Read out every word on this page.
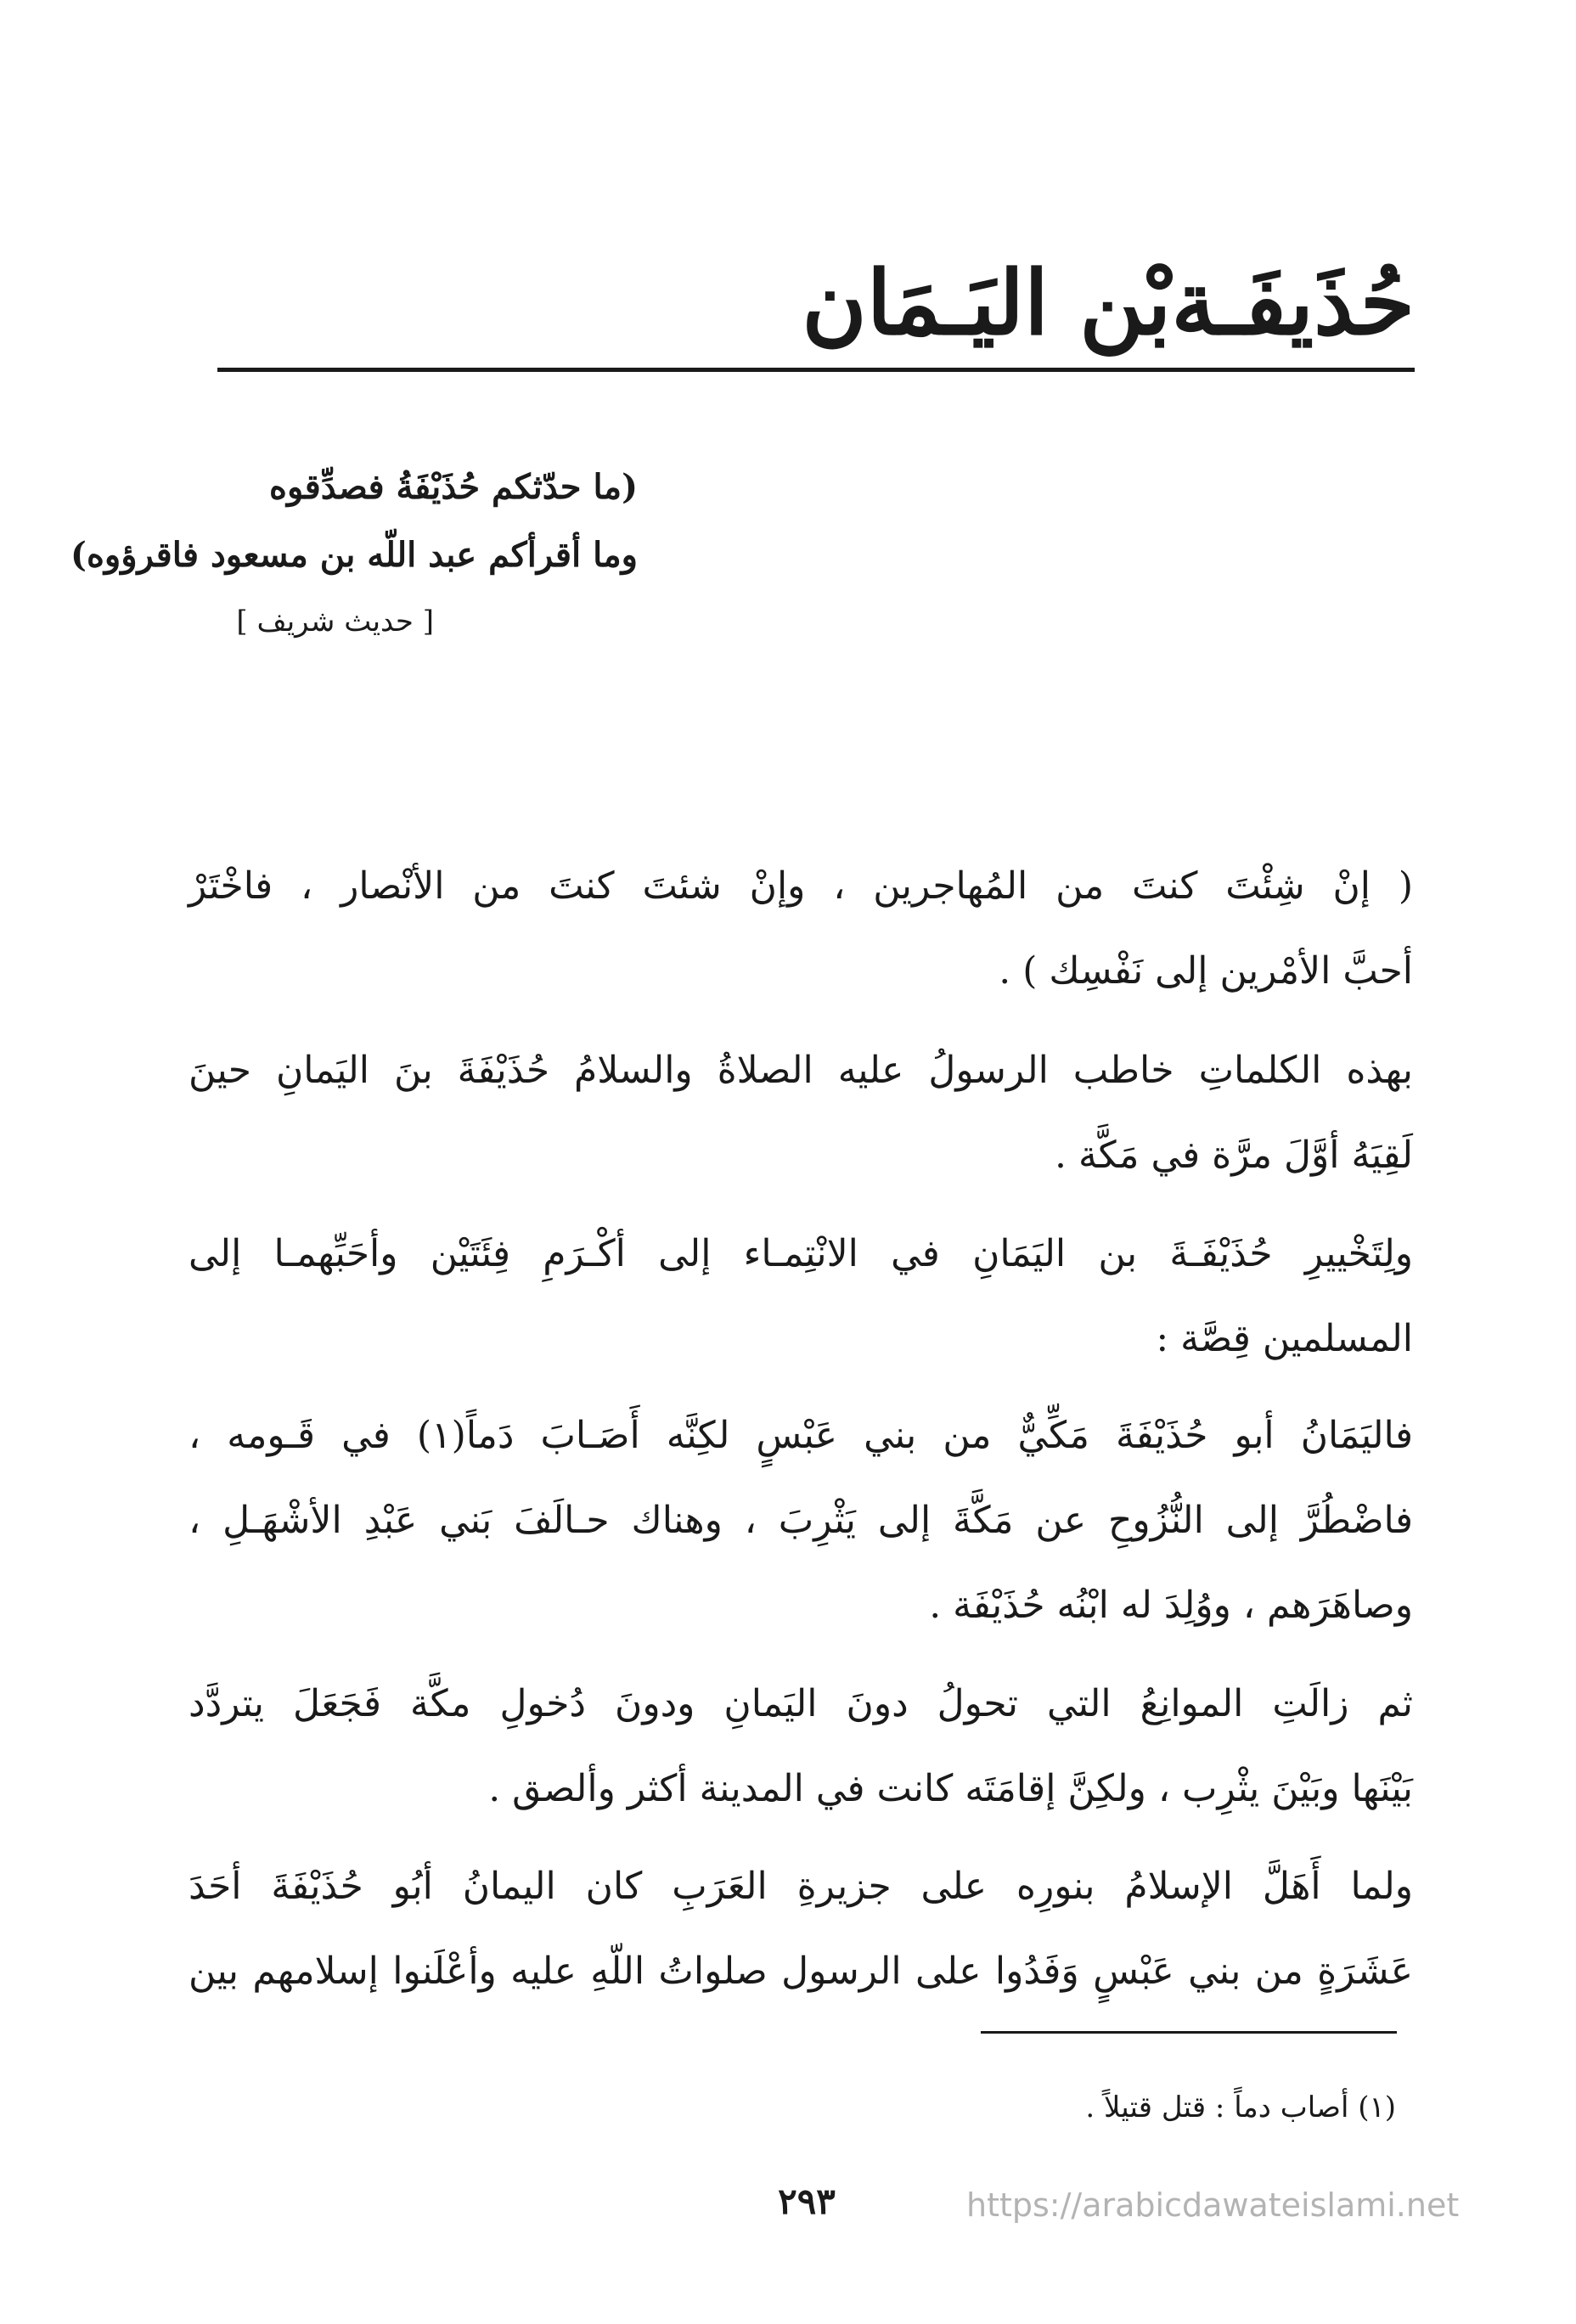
حُذَيفَـةبْن اليَـمَان
(ما حدّثكم حُذَيْفَةُ فصدِّقوه
وما أقرأكم عبد اللّه بن مسعود فاقرؤوه)
[ حديث شريف ]
( إنْ شِئْتَ كنتَ من المُهاجرين ، وإنْ شئتَ كنتَ من الأنْصار ، فاخْتَرْ
أحبَّ الأمْرين إلى نَفْسِك ) .
بهذه الكلماتِ خاطب الرسولُ عليه الصلاةُ والسلامُ حُذَيْفَةَ بنَ اليَمانِ حينَ
لَقِيَهُ أوَّلَ مرَّة في مَكَّة .
ولِتَخْييرِ حُذَيْفَـةَ بن اليَمَانِ في الانْتِمـاء إلى أكْـرَمِ فِئَتَيْن وأحَبِّهمـا إلى
المسلمين قِصَّة :
فاليَمَانُ أبو حُذَيْفَةَ مَكِّيٌّ من بني عَبْسٍ لكِنَّه أَصَـابَ دَماً(١) في قَـومه ،
فاضْطُرَّ إلى النُّزُوحِ عن مَكَّةَ إلى يَثْرِبَ ، وهناك حـالَفَ بَني عَبْدِ الأشْهَـلِ ،
وصاهَرَهم ، ووُلِدَ له ابْنُه حُذَيْفَة .
ثم زالَتِ الموانِعُ التي تحولُ دونَ اليَمانِ ودونَ دُخولِ مكَّة فَجَعَلَ يتردَّد
بَيْنَها وبَيْنَ يثْرِب ، ولكِنَّ إقامَتَه كانت في المدينة أكثر وألصق .
ولما أَهَلَّ الإسلامُ بنورِه على جزيرةِ العَرَبِ كان اليمانُ أبُو حُذَيْفَةَ أحَدَ
عَشَرَةٍ من بني عَبْسٍ وَفَدُوا على الرسول صلواتُ اللّهِ عليه وأعْلَنوا إسلامهم بين
(١) أصاب دماً : قتل قتيلاً .
٢٩٣	https://arabicdawateislami.net
